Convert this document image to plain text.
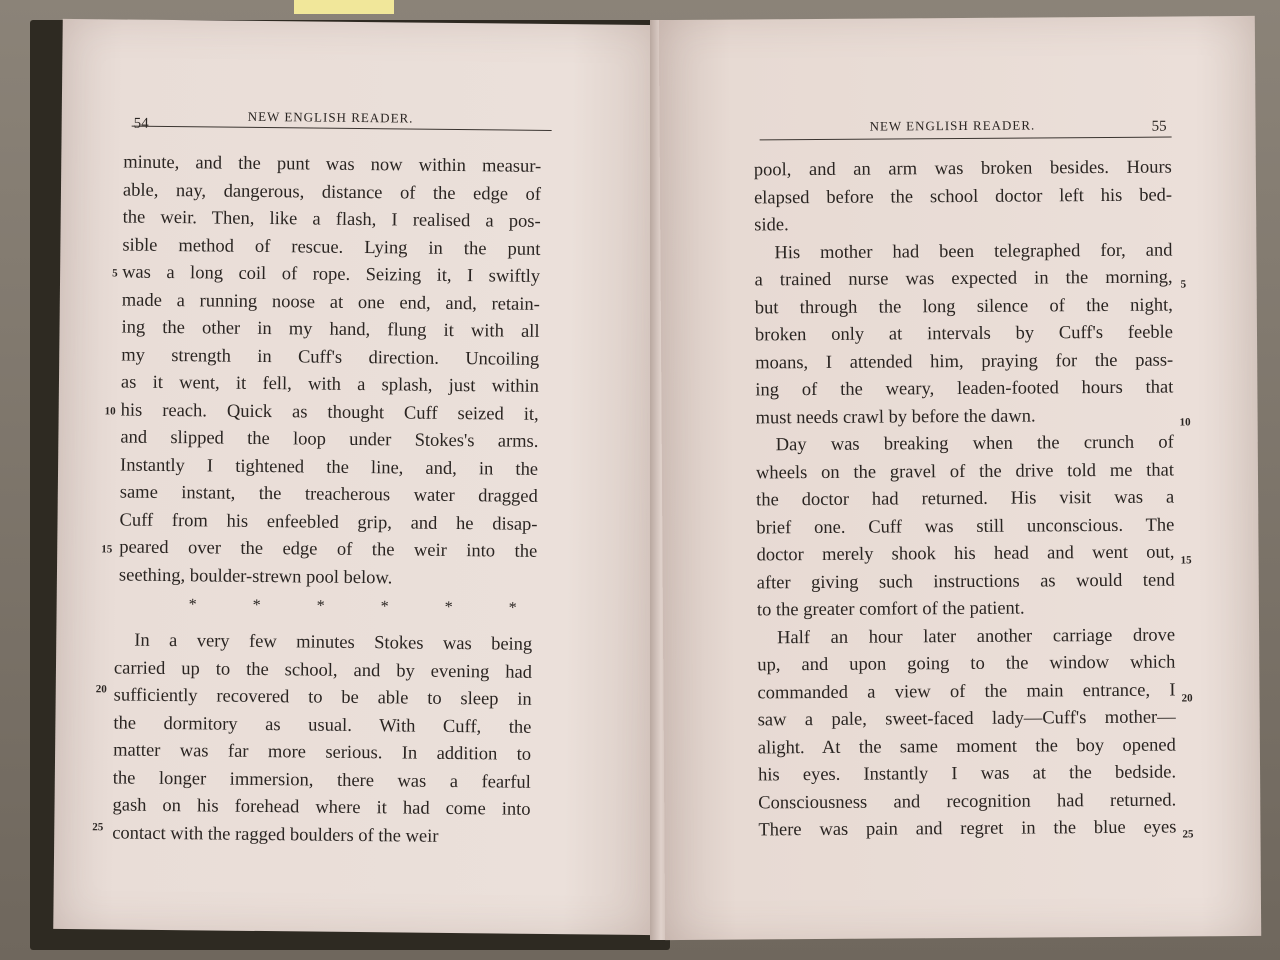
54	NEW ENGLISH READER.
minute, and the punt was now within measur-
able, nay, dangerous, distance of the edge of
the weir. Then, like a flash, I realised a pos-
sible method of rescue. Lying in the punt
was a long coil of rope. Seizing it, I swiftly
made a running noose at one end, and, retain-
ing the other in my hand, flung it with all
my strength in Cuff's direction. Uncoiling
as it went, it fell, with a splash, just within
his reach. Quick as thought Cuff seized it,
and slipped the loop under Stokes's arms.
Instantly I tightened the line, and, in the
same instant, the treacherous water dragged
Cuff from his enfeebled grip, and he disap-
peared over the edge of the weir into the
seething, boulder-strewn pool below.
* * * * * *
In a very few minutes Stokes was being
carried up to the school, and by evening had
sufficiently recovered to be able to sleep in
the dormitory as usual. With Cuff, the
matter was far more serious. In addition to
the longer immersion, there was a fearful
gash on his forehead where it had come into
contact with the ragged boulders of the weir
5
10
15
20
25
NEW ENGLISH READER.	55
pool, and an arm was broken besides. Hours
elapsed before the school doctor left his bed-
side.
His mother had been telegraphed for, and
a trained nurse was expected in the morning,
but through the long silence of the night,
broken only at intervals by Cuff's feeble
moans, I attended him, praying for the pass-
ing of the weary, leaden-footed hours that
must needs crawl by before the dawn.
Day was breaking when the crunch of
wheels on the gravel of the drive told me that
the doctor had returned. His visit was a
brief one. Cuff was still unconscious. The
doctor merely shook his head and went out,
after giving such instructions as would tend
to the greater comfort of the patient.
Half an hour later another carriage drove
up, and upon going to the window which
commanded a view of the main entrance, I
saw a pale, sweet-faced lady—Cuff's mother—
alight. At the same moment the boy opened
his eyes. Instantly I was at the bedside.
Consciousness and recognition had returned.
There was pain and regret in the blue eyes
5
10
15
20
25
